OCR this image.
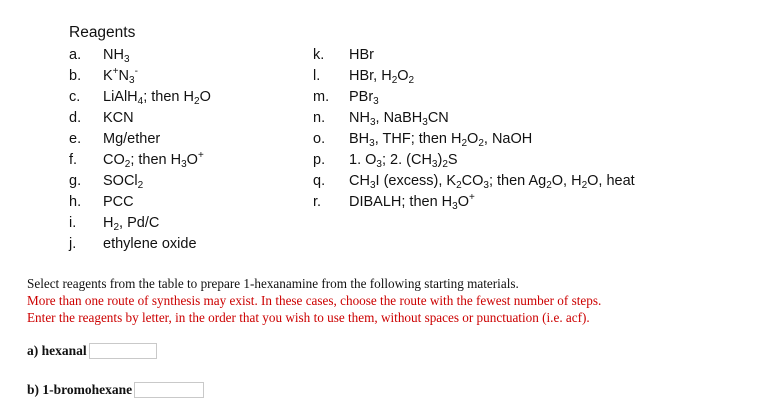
Reagents
a.	$NH_3$
b.	$K^+N_3^-$
c.	LiAlH$_4$; then $H_2O$
d.	KCN
e.	Mg/ether
f.	$CO_2$; then $H_3O^+$
g.	SOCl$_2$
h.	PCC
i.	$H_2$, Pd/C
j.	ethylene oxide
k.	HBr
l.	HBr, $H_2O_2$
m.	PBr$_3$
n.	$NH_3$, NaBH$_3$CN
o.	$BH_3$, THF; then $H_2O_2$, NaOH
p.	1. $O_3$; 2. $(CH_3)_2S$
q.	$CH_3I$ (excess), $K_2CO_3$; then $Ag_2O$, $H_2O$, heat
r.	DIBALH; then $H_3O^+$
Select reagents from the table to prepare 1-hexanamine from the following starting materials.
More than one route of synthesis may exist. In these cases, choose the route with the fewest number of steps.
Enter the reagents by letter, in the order that you wish to use them, without spaces or punctuation (i.e. acf).
a) hexanal
b) 1-bromohexane
